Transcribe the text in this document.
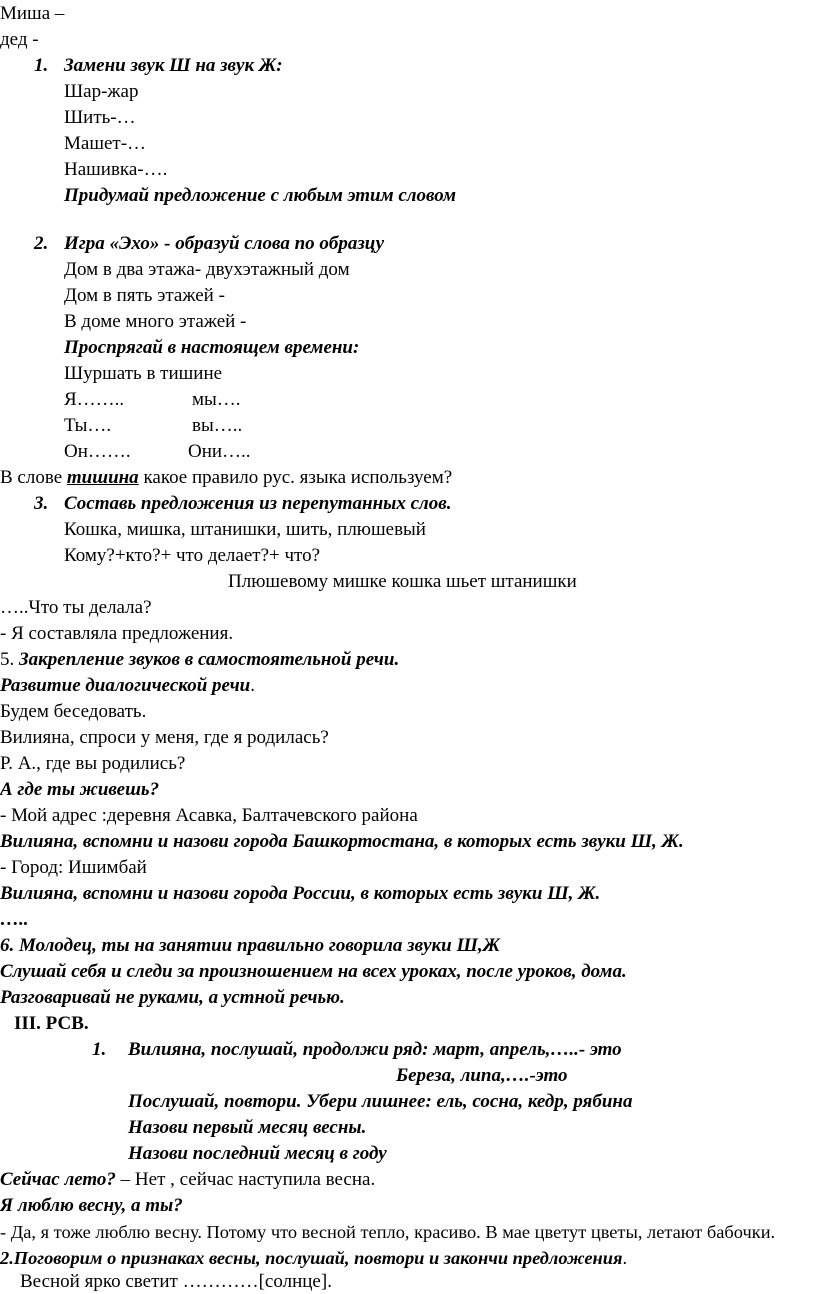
Миша –
дед -
1. Замени звук Ш на звук Ж:
Шар-жар
Шить-…
Машет-…
Нашивка-….
Придумай предложение с любым этим словом
2. Игра «Эхо» - образуй слова по образцу
Дом в два этажа- двухэтажный дом
Дом в пять этажей -
В доме много этажей -
Проспрягай в настоящем времени:
Шуршать в тишине
Я……..	мы….
Ты….	вы…..
Он…….	Они…..
В слове тишина какое правило рус. языка используем?
3. Составь предложения из перепутанных слов.
Кошка, мишка, штанишки, шить, плюшевый
Кому?+кто?+ что делает?+ что?
Плюшевому мишке кошка шьет штанишки
…..Что ты делала?
- Я составляла предложения.
5. Закрепление звуков в самостоятельной речи.
Развитие диалогической речи.
Будем беседовать.
Вилияна, спроси у меня, где я родилась?
Р. А., где вы родились?
А где ты живешь?
- Мой адрес :деревня Асавка, Балтачевского района
Вилияна, вспомни и назови города Башкортостана, в которых есть звуки Ш, Ж.
- Город: Ишимбай
Вилияна, вспомни и назови города России, в которых есть звуки Ш, Ж.
…..
6. Молодец, ты на занятии правильно говорила звуки Ш,Ж
Слушай себя и следи за произношением на всех уроках, после уроков, дома.
Разговаривай не руками, а устной речью.
III. РСВ.
1. Вилияна, послушай, продолжи ряд: март, апрель,…..- это
Береза, липа,….-это
Послушай, повтори. Убери лишнее: ель, сосна, кедр, рябина
Назови первый месяц весны.
Назови последний месяц в году
Сейчас лето? – Нет , сейчас наступила весна.
Я люблю весну, а ты?
- Да, я тоже люблю весну. Потому что весной тепло, красиво. В мае цветут цветы, летают бабочки.
2.Поговорим о признаках весны, послушай, повтори и закончи предложения.
Весной ярко светит …………[солнце].
